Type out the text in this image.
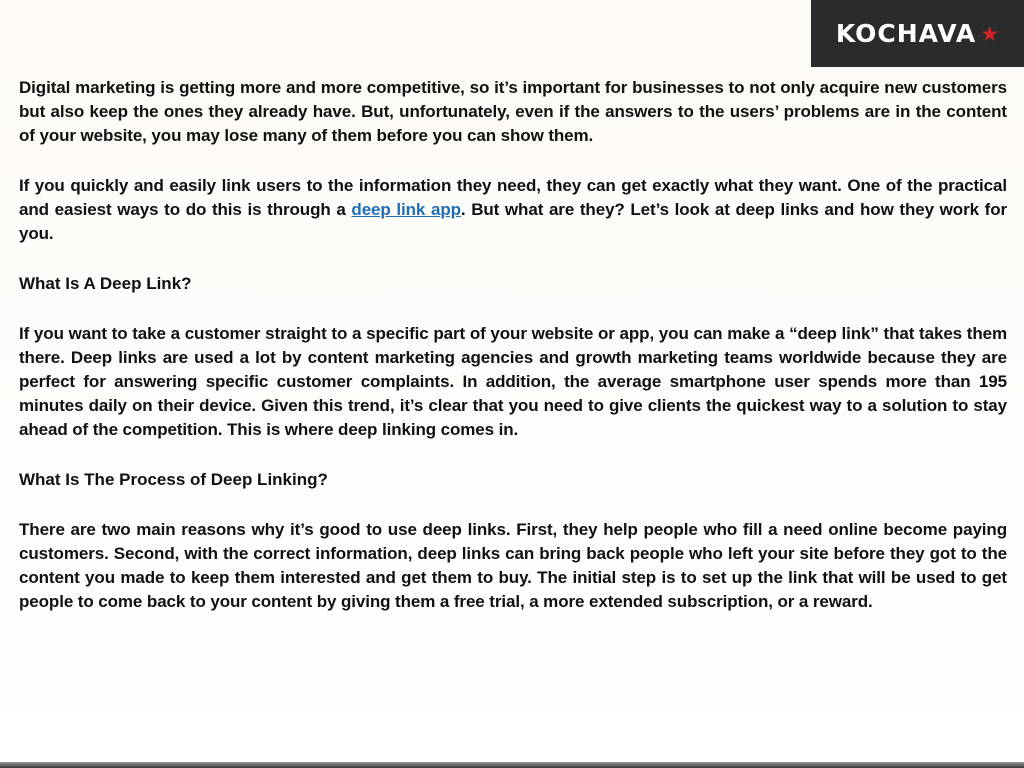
KOCHAVA ★

Digital marketing is getting more and more competitive, so it’s important for businesses to not only acquire new customers but also keep the ones they already have. But, unfortunately, even if the answers to the users’ problems are in the content of your website, you may lose many of them before you can show them.

If you quickly and easily link users to the information they need, they can get exactly what they want. One of the practical and easiest ways to do this is through a deep link app. But what are they? Let’s look at deep links and how they work for you.

What Is A Deep Link?

If you want to take a customer straight to a specific part of your website or app, you can make a “deep link” that takes them there. Deep links are used a lot by content marketing agencies and growth marketing teams worldwide because they are perfect for answering specific customer complaints. In addition, the average smartphone user spends more than 195 minutes daily on their device. Given this trend, it’s clear that you need to give clients the quickest way to a solution to stay ahead of the competition. This is where deep linking comes in.

What Is The Process of Deep Linking?

There are two main reasons why it’s good to use deep links. First, they help people who fill a need online become paying customers. Second, with the correct information, deep links can bring back people who left your site before they got to the content you made to keep them interested and get them to buy. The initial step is to set up the link that will be used to get people to come back to your content by giving them a free trial, a more extended subscription, or a reward.
